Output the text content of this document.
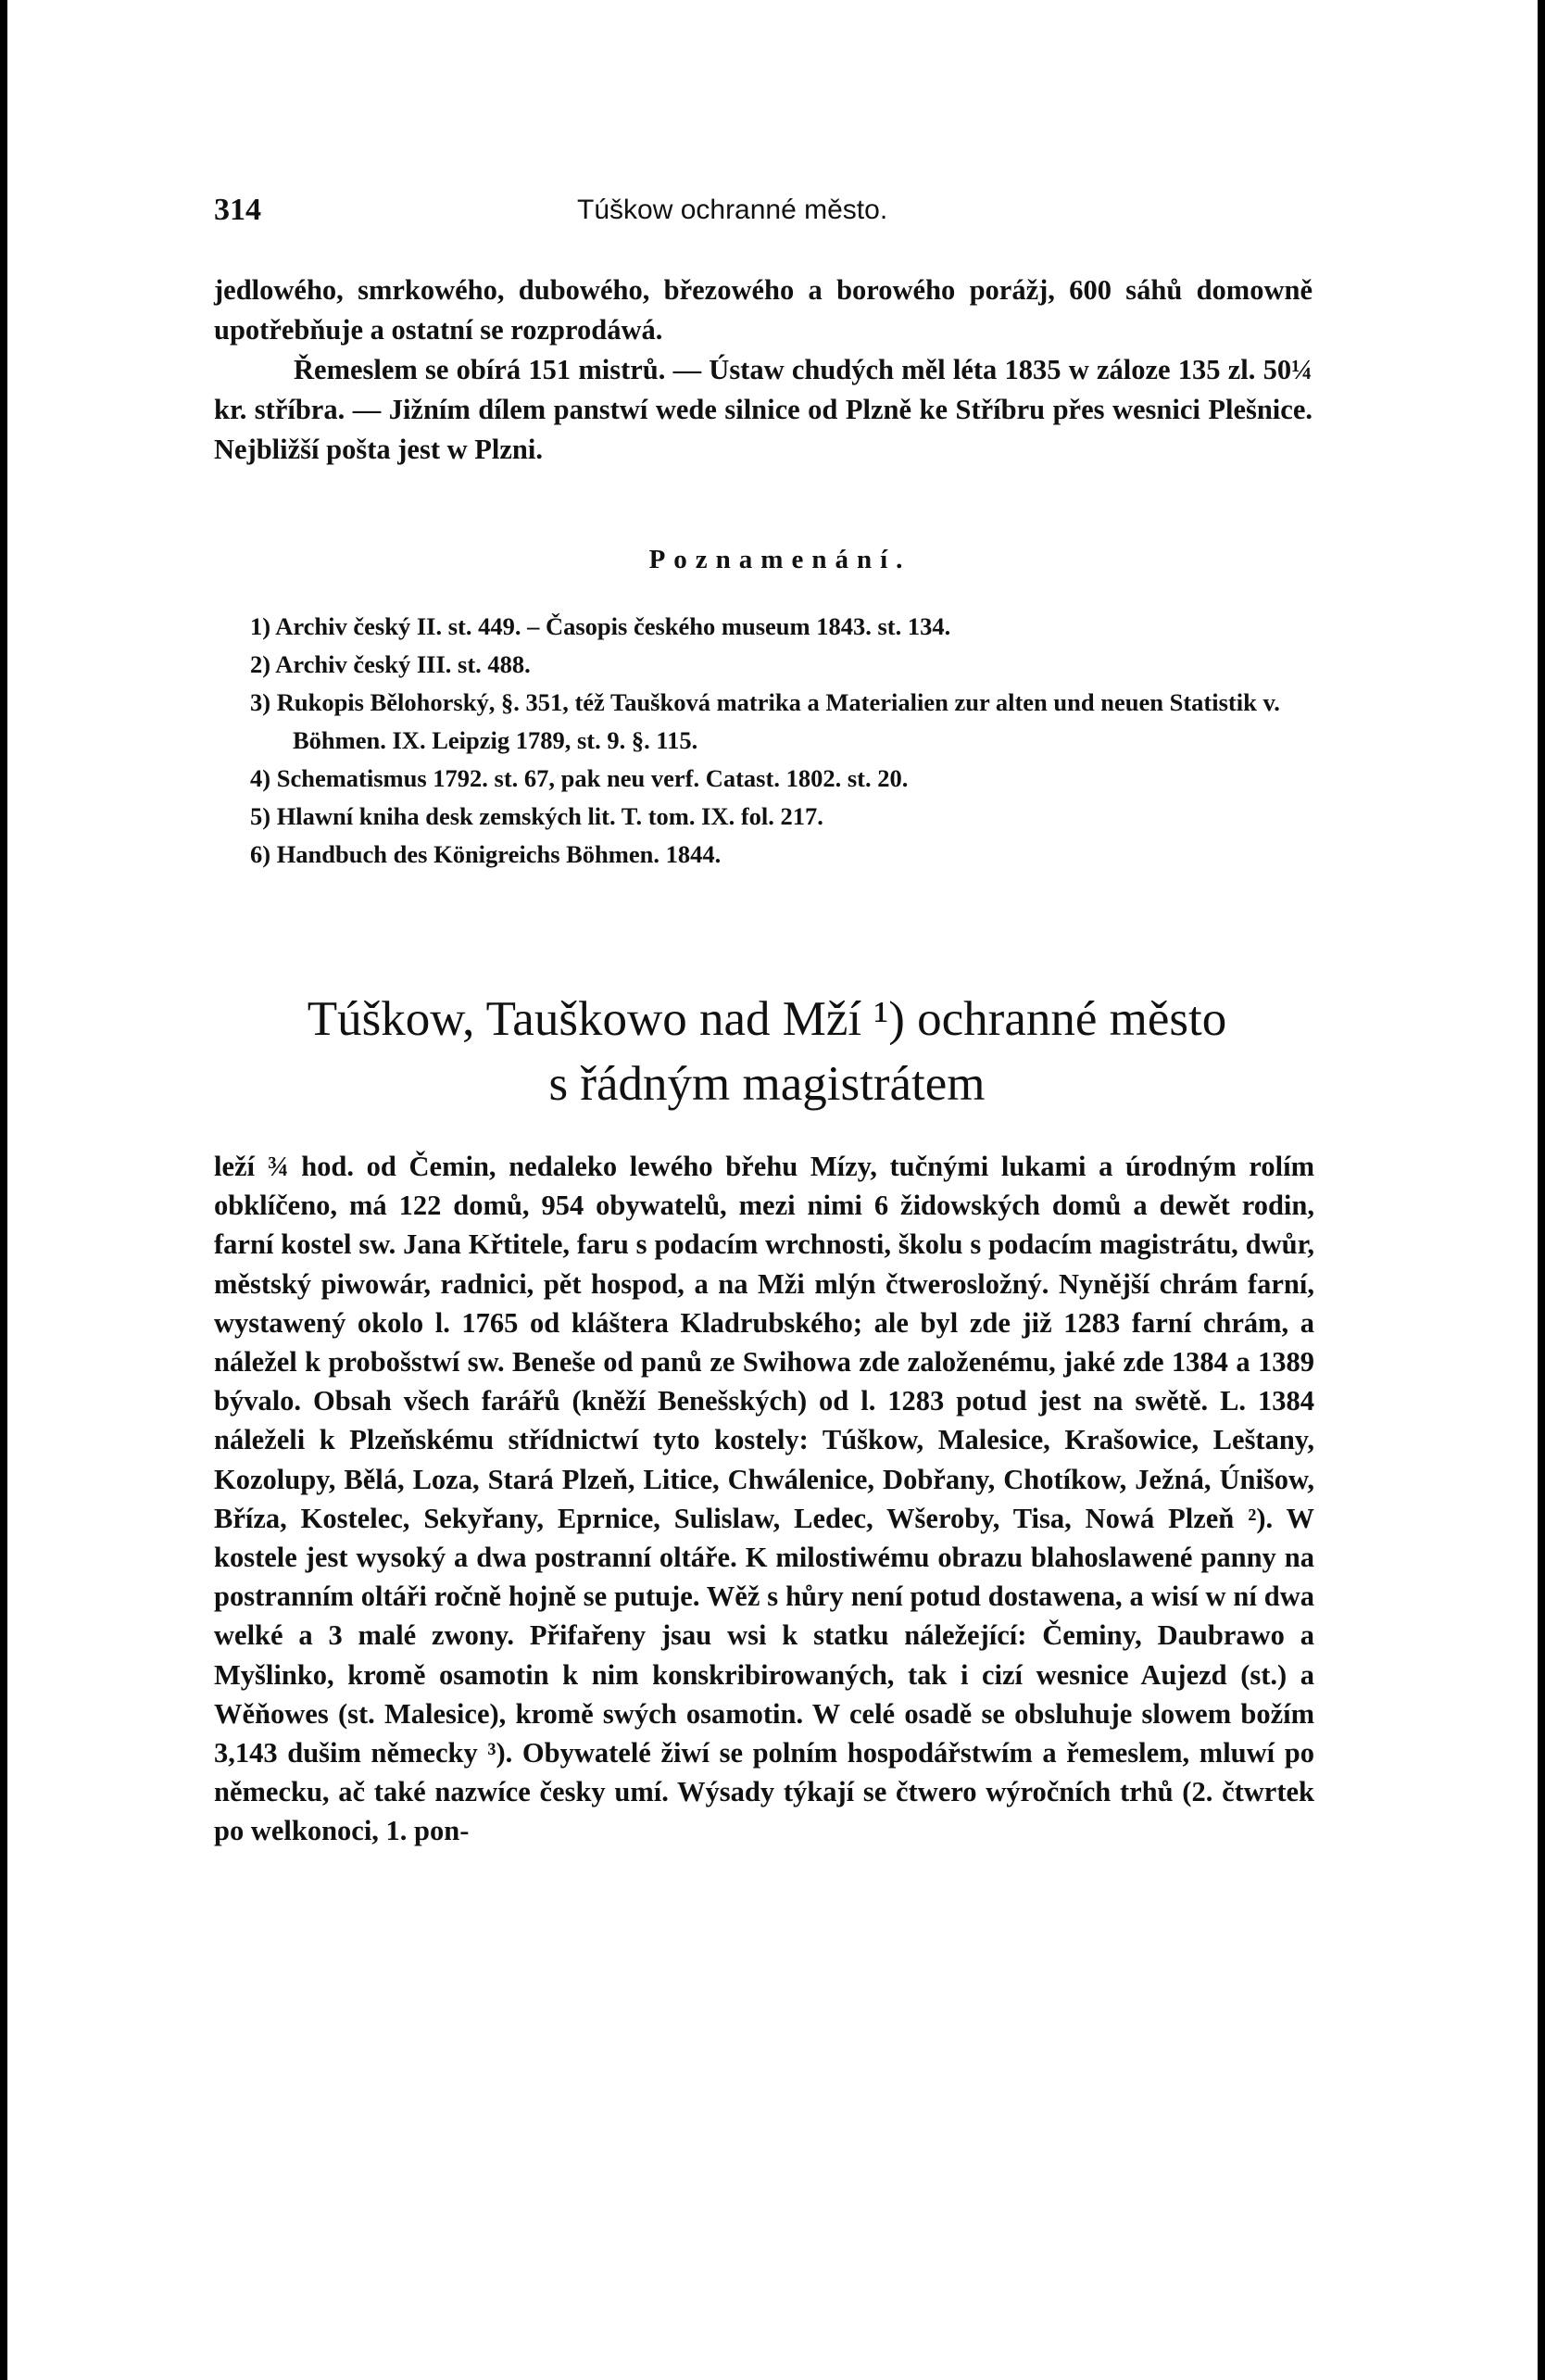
314	Túškow ochranné město.

jedlowého, smrkowého, dubowého, březowého a borowého porážj, 600 sáhů domowně upotřebňuje a ostatní se rozprodáwá.

Řemeslem se obírá 151 mistrů. — Ústaw chudých měl léta 1835 w záloze 135 zl. 50¼ kr. stříbra. — Jižním dílem panstwí wede silnice od Plzně ke Stříbru přes wesnici Plešnice. Nejbližší pošta jest w Plzni.

Poznamenání.

1) Archiv český II. st. 449. – Časopis českého museum 1843. st. 134.

2) Archiv český III. st. 488.

3) Rukopis Bělohorský, §. 351, též Taušková matrika a Materialien zur alten und neuen Statistik v. Böhmen. IX. Leipzig 1789, st. 9. §. 115.

4) Schematismus 1792. st. 67, pak neu verf. Catast. 1802. st. 20.

5) Hlawní kniha desk zemských lit. T. tom. IX. fol. 217.

6) Handbuch des Königreichs Böhmen. 1844.

Túškow, Tauškowo nad Mží ¹) ochranné město
s řádným magistrátem

leží ¾ hod. od Čemin, nedaleko lewého břehu Mízy, tučnými lukami a úrodným rolím obklíčeno, má 122 domů, 954 obywatelů, mezi nimi 6 židowských domů a dewět rodin, farní kostel sw. Jana Křtitele, faru s podacím wrchnosti, školu s podacím magistrátu, dwůr, městský piwowár, radnici, pět hospod, a na Mži mlýn čtwerosložný. Nynější chrám farní, wystawený okolo l. 1765 od kláštera Kladrubského; ale byl zde již 1283 farní chrám, a náležel k probošstwí sw. Beneše od panů ze Swihowa zde založenému, jaké zde 1384 a 1389 bývalo. Obsah všech farářů (kněží Benešských) od l. 1283 potud jest na swětě. L. 1384 náleželi k Plzeňskému střídnictwí tyto kostely: Túškow, Malesice, Krašowice, Leštany, Kozolupy, Bělá, Loza, Stará Plzeň, Litice, Chwálenice, Dobřany, Chotíkow, Ježná, Únišow, Bříza, Kostelec, Sekyřany, Eprnice, Sulislaw, Ledec, Wšeroby, Tisa, Nowá Plzeň ²). W kostele jest wysoký a dwa postranní oltáře. K milostiwému obrazu blahoslawené panny na postranním oltáři ročně hojně se putuje. Wěž s hůry není potud dostawena, a wisí w ní dwa welké a 3 malé zwony. Přifařeny jsau wsi k statku náležející: Čeminy, Daubrawo a Myšlinko, kromě osamotin k nim konskribirowaných, tak i cizí wesnice Aujezd (st.) a Wěňowes (st. Malesice), kromě swých osamotin. W celé osadě se obsluhuje slowem božím 3,143 dušim německy ³). Obywatelé žiwí se polním hospodářstwím a řemeslem, mluwí po německu, ač také nazwíce česky umí. Wýsady týkají se čtwero wýročních trhů (2. čtwrtek po welkonoci, 1. pon-
